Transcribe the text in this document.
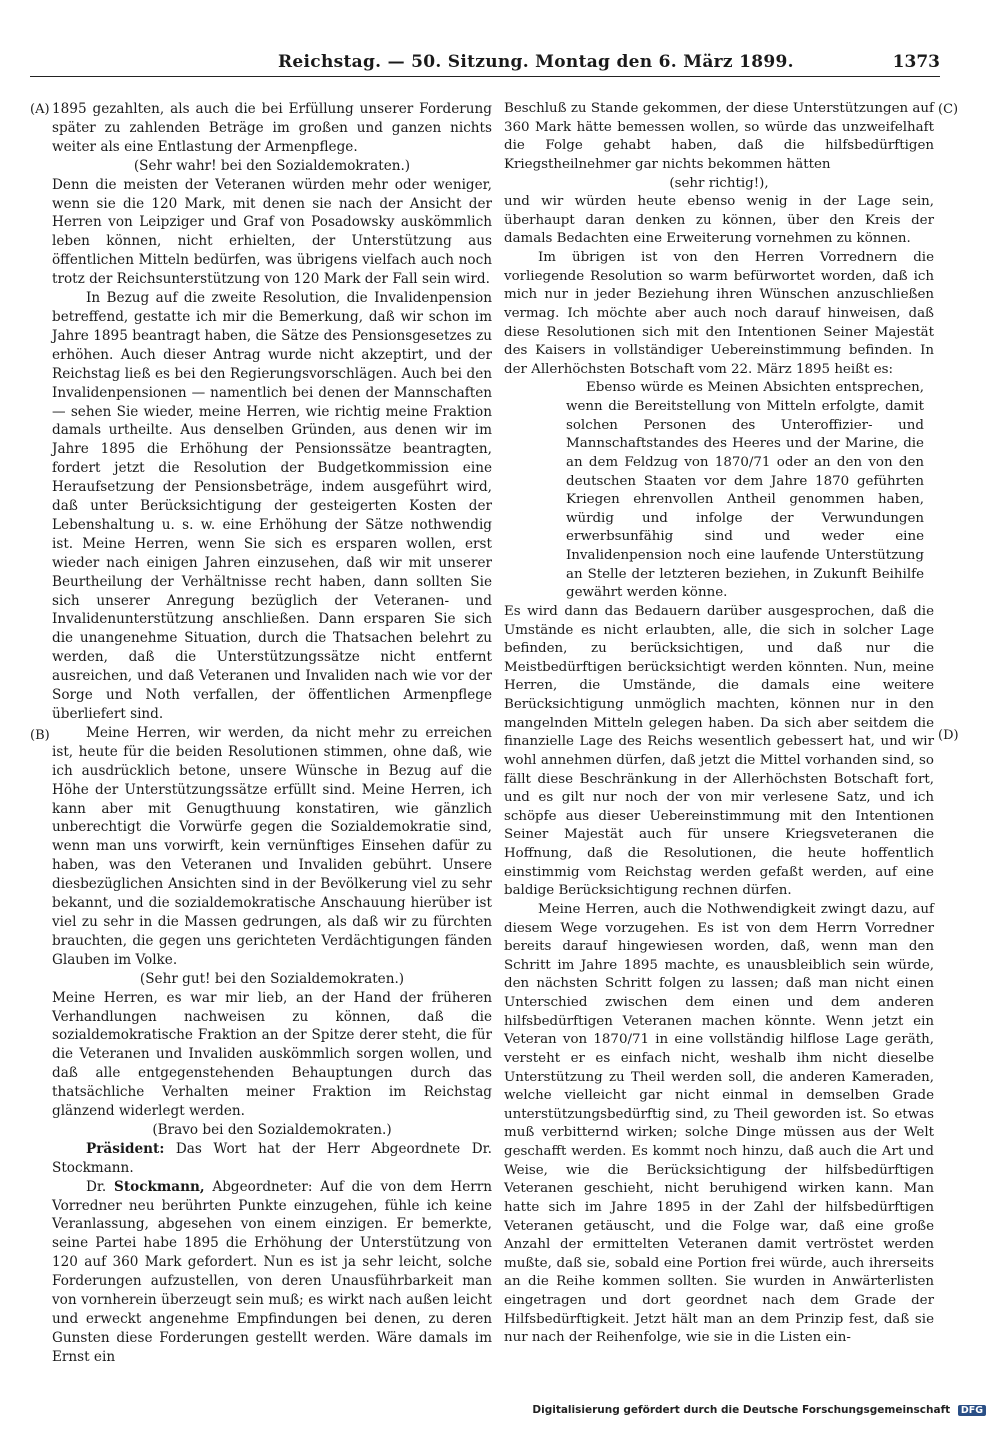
Reichstag. — 50. Sitzung. Montag den 6. März 1899.	1373
(A)
(B)
(C)
(D)

1895 gezahlten, als auch die bei Erfüllung unserer Forderung später zu zahlenden Beträge im großen und ganzen nichts weiter als eine Entlastung der Armenpflege.

(Sehr wahr! bei den Sozialdemokraten.)

Denn die meisten der Veteranen würden mehr oder weniger, wenn sie die 120 Mark, mit denen sie nach der Ansicht der Herren von Leipziger und Graf von Posadowsky auskömmlich leben können, nicht erhielten, der Unterstützung aus öffentlichen Mitteln bedürfen, was übrigens vielfach auch noch trotz der Reichsunterstützung von 120 Mark der Fall sein wird.

In Bezug auf die zweite Resolution, die Invalidenpension betreffend, gestatte ich mir die Bemerkung, daß wir schon im Jahre 1895 beantragt haben, die Sätze des Pensionsgesetzes zu erhöhen. Auch dieser Antrag wurde nicht akzeptirt, und der Reichstag ließ es bei den Regierungsvorschlägen. Auch bei den Invalidenpensionen — namentlich bei denen der Mannschaften — sehen Sie wieder, meine Herren, wie richtig meine Fraktion damals urtheilte. Aus denselben Gründen, aus denen wir im Jahre 1895 die Erhöhung der Pensionssätze beantragten, fordert jetzt die Resolution der Budgetkommission eine Heraufsetzung der Pensionsbeträge, indem ausgeführt wird, daß unter Berücksichtigung der gesteigerten Kosten der Lebenshaltung u. s. w. eine Erhöhung der Sätze nothwendig ist. Meine Herren, wenn Sie sich es ersparen wollen, erst wieder nach einigen Jahren einzusehen, daß wir mit unserer Beurtheilung der Verhältnisse recht haben, dann sollten Sie sich unserer Anregung bezüglich der Veteranen- und Invalidenunterstützung anschließen. Dann ersparen Sie sich die unangenehme Situation, durch die Thatsachen belehrt zu werden, daß die Unterstützungssätze nicht entfernt ausreichen, und daß Veteranen und Invaliden nach wie vor der Sorge und Noth verfallen, der öffentlichen Armenpflege überliefert sind.

Meine Herren, wir werden, da nicht mehr zu erreichen ist, heute für die beiden Resolutionen stimmen, ohne daß, wie ich ausdrücklich betone, unsere Wünsche in Bezug auf die Höhe der Unterstützungssätze erfüllt sind. Meine Herren, ich kann aber mit Genugthuung konstatiren, wie gänzlich unberechtigt die Vorwürfe gegen die Sozialdemokratie sind, wenn man uns vorwirft, kein vernünftiges Einsehen dafür zu haben, was den Veteranen und Invaliden gebührt. Unsere diesbezüglichen Ansichten sind in der Bevölkerung viel zu sehr bekannt, und die sozialdemokratische Anschauung hierüber ist viel zu sehr in die Massen gedrungen, als daß wir zu fürchten brauchten, die gegen uns gerichteten Verdächtigungen fänden Glauben im Volke.

(Sehr gut! bei den Sozialdemokraten.)

Meine Herren, es war mir lieb, an der Hand der früheren Verhandlungen nachweisen zu können, daß die sozialdemokratische Fraktion an der Spitze derer steht, die für die Veteranen und Invaliden auskömmlich sorgen wollen, und daß alle entgegenstehenden Behauptungen durch das thatsächliche Verhalten meiner Fraktion im Reichstag glänzend widerlegt werden.

(Bravo bei den Sozialdemokraten.)

Präsident: Das Wort hat der Herr Abgeordnete Dr. Stockmann.

Dr. Stockmann, Abgeordneter: Auf die von dem Herrn Vorredner neu berührten Punkte einzugehen, fühle ich keine Veranlassung, abgesehen von einem einzigen. Er bemerkte, seine Partei habe 1895 die Erhöhung der Unterstützung von 120 auf 360 Mark gefordert. Nun es ist ja sehr leicht, solche Forderungen aufzustellen, von deren Unausführbarkeit man von vornherein überzeugt sein muß; es wirkt nach außen leicht und erweckt angenehme Empfindungen bei denen, zu deren Gunsten diese Forderungen gestellt werden. Wäre damals im Ernst ein

Beschluß zu Stande gekommen, der diese Unterstützungen auf 360 Mark hätte bemessen wollen, so würde das unzweifelhaft die Folge gehabt haben, daß die hilfsbedürftigen Kriegstheilnehmer gar nichts bekommen hätten

(sehr richtig!),

und wir würden heute ebenso wenig in der Lage sein, überhaupt daran denken zu können, über den Kreis der damals Bedachten eine Erweiterung vornehmen zu können.

Im übrigen ist von den Herren Vorrednern die vorliegende Resolution so warm befürwortet worden, daß ich mich nur in jeder Beziehung ihren Wünschen anzuschließen vermag. Ich möchte aber auch noch darauf hinweisen, daß diese Resolutionen sich mit den Intentionen Seiner Majestät des Kaisers in vollständiger Uebereinstimmung befinden. In der Allerhöchsten Botschaft vom 22. März 1895 heißt es:

Ebenso würde es Meinen Absichten entsprechen, wenn die Bereitstellung von Mitteln erfolgte, damit solchen Personen des Unteroffizier- und Mannschaftstandes des Heeres und der Marine, die an dem Feldzug von 1870/71 oder an den von den deutschen Staaten vor dem Jahre 1870 geführten Kriegen ehrenvollen Antheil genommen haben, würdig und infolge der Verwundungen erwerbsunfähig sind und weder eine Invalidenpension noch eine laufende Unterstützung an Stelle der letzteren beziehen, in Zukunft Beihilfe gewährt werden könne.

Es wird dann das Bedauern darüber ausgesprochen, daß die Umstände es nicht erlaubten, alle, die sich in solcher Lage befinden, zu berücksichtigen, und daß nur die Meistbedürftigen berücksichtigt werden könnten. Nun, meine Herren, die Umstände, die damals eine weitere Berücksichtigung unmöglich machten, können nur in den mangelnden Mitteln gelegen haben. Da sich aber seitdem die finanzielle Lage des Reichs wesentlich gebessert hat, und wir wohl annehmen dürfen, daß jetzt die Mittel vorhanden sind, so fällt diese Beschränkung in der Allerhöchsten Botschaft fort, und es gilt nur noch der von mir verlesene Satz, und ich schöpfe aus dieser Uebereinstimmung mit den Intentionen Seiner Majestät auch für unsere Kriegsveteranen die Hoffnung, daß die Resolutionen, die heute hoffentlich einstimmig vom Reichstag werden gefaßt werden, auf eine baldige Berücksichtigung rechnen dürfen.

Meine Herren, auch die Nothwendigkeit zwingt dazu, auf diesem Wege vorzugehen. Es ist von dem Herrn Vorredner bereits darauf hingewiesen worden, daß, wenn man den Schritt im Jahre 1895 machte, es unausbleiblich sein würde, den nächsten Schritt folgen zu lassen; daß man nicht einen Unterschied zwischen dem einen und dem anderen hilfsbedürftigen Veteranen machen könnte. Wenn jetzt ein Veteran von 1870/71 in eine vollständig hilflose Lage geräth, versteht er es einfach nicht, weshalb ihm nicht dieselbe Unterstützung zu Theil werden soll, die anderen Kameraden, welche vielleicht gar nicht einmal in demselben Grade unterstützungsbedürftig sind, zu Theil geworden ist. So etwas muß verbitternd wirken; solche Dinge müssen aus der Welt geschafft werden. Es kommt noch hinzu, daß auch die Art und Weise, wie die Berücksichtigung der hilfsbedürftigen Veteranen geschieht, nicht beruhigend wirken kann. Man hatte sich im Jahre 1895 in der Zahl der hilfsbedürftigen Veteranen getäuscht, und die Folge war, daß eine große Anzahl der ermittelten Veteranen damit vertröstet werden mußte, daß sie, sobald eine Portion frei würde, auch ihrerseits an die Reihe kommen sollten. Sie wurden in Anwärterlisten eingetragen und dort geordnet nach dem Grade der Hilfsbedürftigkeit. Jetzt hält man an dem Prinzip fest, daß sie nur nach der Reihenfolge, wie sie in die Listen ein-

Digitalisierung gefördert durch die Deutsche Forschungsgemeinschaft DFG
